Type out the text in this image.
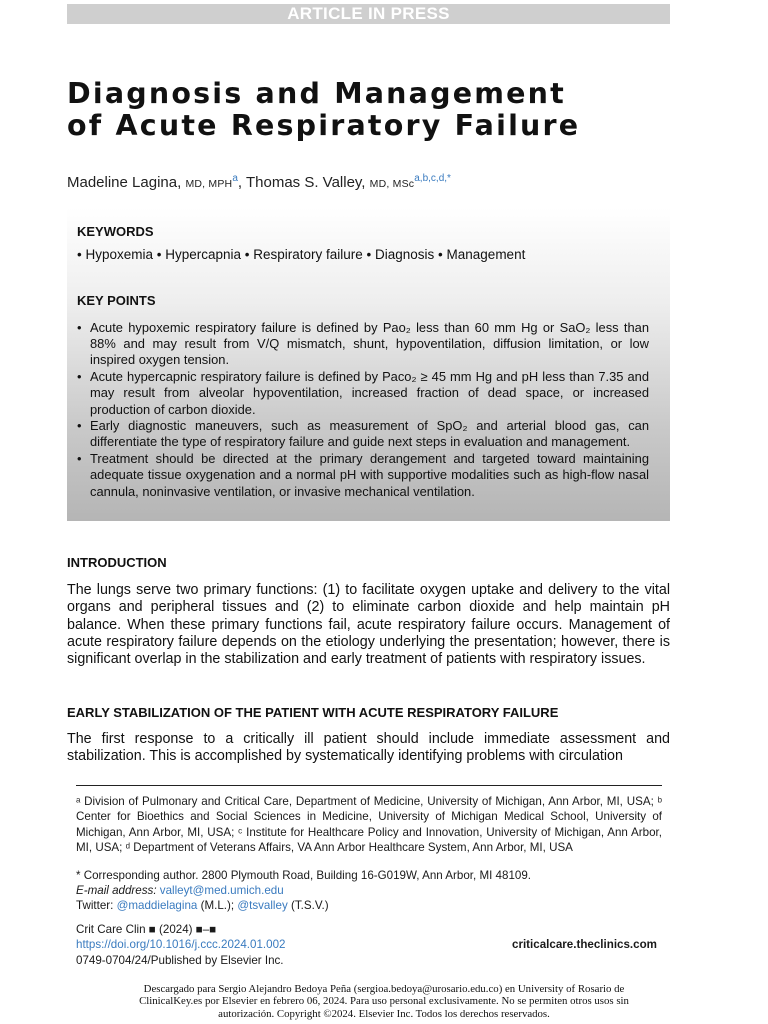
ARTICLE IN PRESS
Diagnosis and Management
of Acute Respiratory Failure
Madeline Lagina, MD, MPH$^a$, Thomas S. Valley, MD, MSc$^{a,b,c,d,*}$
KEYWORDS
• Hypoxemia • Hypercapnia • Respiratory failure • Diagnosis • Management
KEY POINTS
• Acute hypoxemic respiratory failure is defined by Pao₂ less than 60 mm Hg or SaO₂ less than 88% and may result from V/Q mismatch, shunt, hypoventilation, diffusion limitation, or low inspired oxygen tension.
• Acute hypercapnic respiratory failure is defined by Paco₂ ≥ 45 mm Hg and pH less than 7.35 and may result from alveolar hypoventilation, increased fraction of dead space, or increased production of carbon dioxide.
• Early diagnostic maneuvers, such as measurement of SpO₂ and arterial blood gas, can differentiate the type of respiratory failure and guide next steps in evaluation and management.
• Treatment should be directed at the primary derangement and targeted toward maintaining adequate tissue oxygenation and a normal pH with supportive modalities such as high-flow nasal cannula, noninvasive ventilation, or invasive mechanical ventilation.
INTRODUCTION

The lungs serve two primary functions: (1) to facilitate oxygen uptake and delivery to the vital organs and peripheral tissues and (2) to eliminate carbon dioxide and help maintain pH balance. When these primary functions fail, acute respiratory failure occurs. Management of acute respiratory failure depends on the etiology underlying the presentation; however, there is significant overlap in the stabilization and early treatment of patients with respiratory issues.

EARLY STABILIZATION OF THE PATIENT WITH ACUTE RESPIRATORY FAILURE

The first response to a critically ill patient should include immediate assessment and stabilization. This is accomplished by systematically identifying problems with circulation

ᵃ Division of Pulmonary and Critical Care, Department of Medicine, University of Michigan, Ann Arbor, MI, USA; ᵇ Center for Bioethics and Social Sciences in Medicine, University of Michigan Medical School, University of Michigan, Ann Arbor, MI, USA; ᶜ Institute for Healthcare Policy and Innovation, University of Michigan, Ann Arbor, MI, USA; ᵈ Department of Veterans Affairs, VA Ann Arbor Healthcare System, Ann Arbor, MI, USA

* Corresponding author. 2800 Plymouth Road, Building 16-G019W, Ann Arbor, MI 48109.

E-mail address: valleyt@med.umich.edu

Twitter: @maddielagina (M.L.); @tsvalley (T.S.V.)

Crit Care Clin ■ (2024) ■–■
https://doi.org/10.1016/j.ccc.2024.01.002
0749-0704/24/Published by Elsevier Inc.
criticalcare.theclinics.com

Descargado para Sergio Alejandro Bedoya Peña (sergioa.bedoya@urosario.edu.co) en University of Rosario de ClinicalKey.es por Elsevier en febrero 06, 2024. Para uso personal exclusivamente. No se permiten otros usos sin autorización. Copyright ©2024. Elsevier Inc. Todos los derechos reservados.
